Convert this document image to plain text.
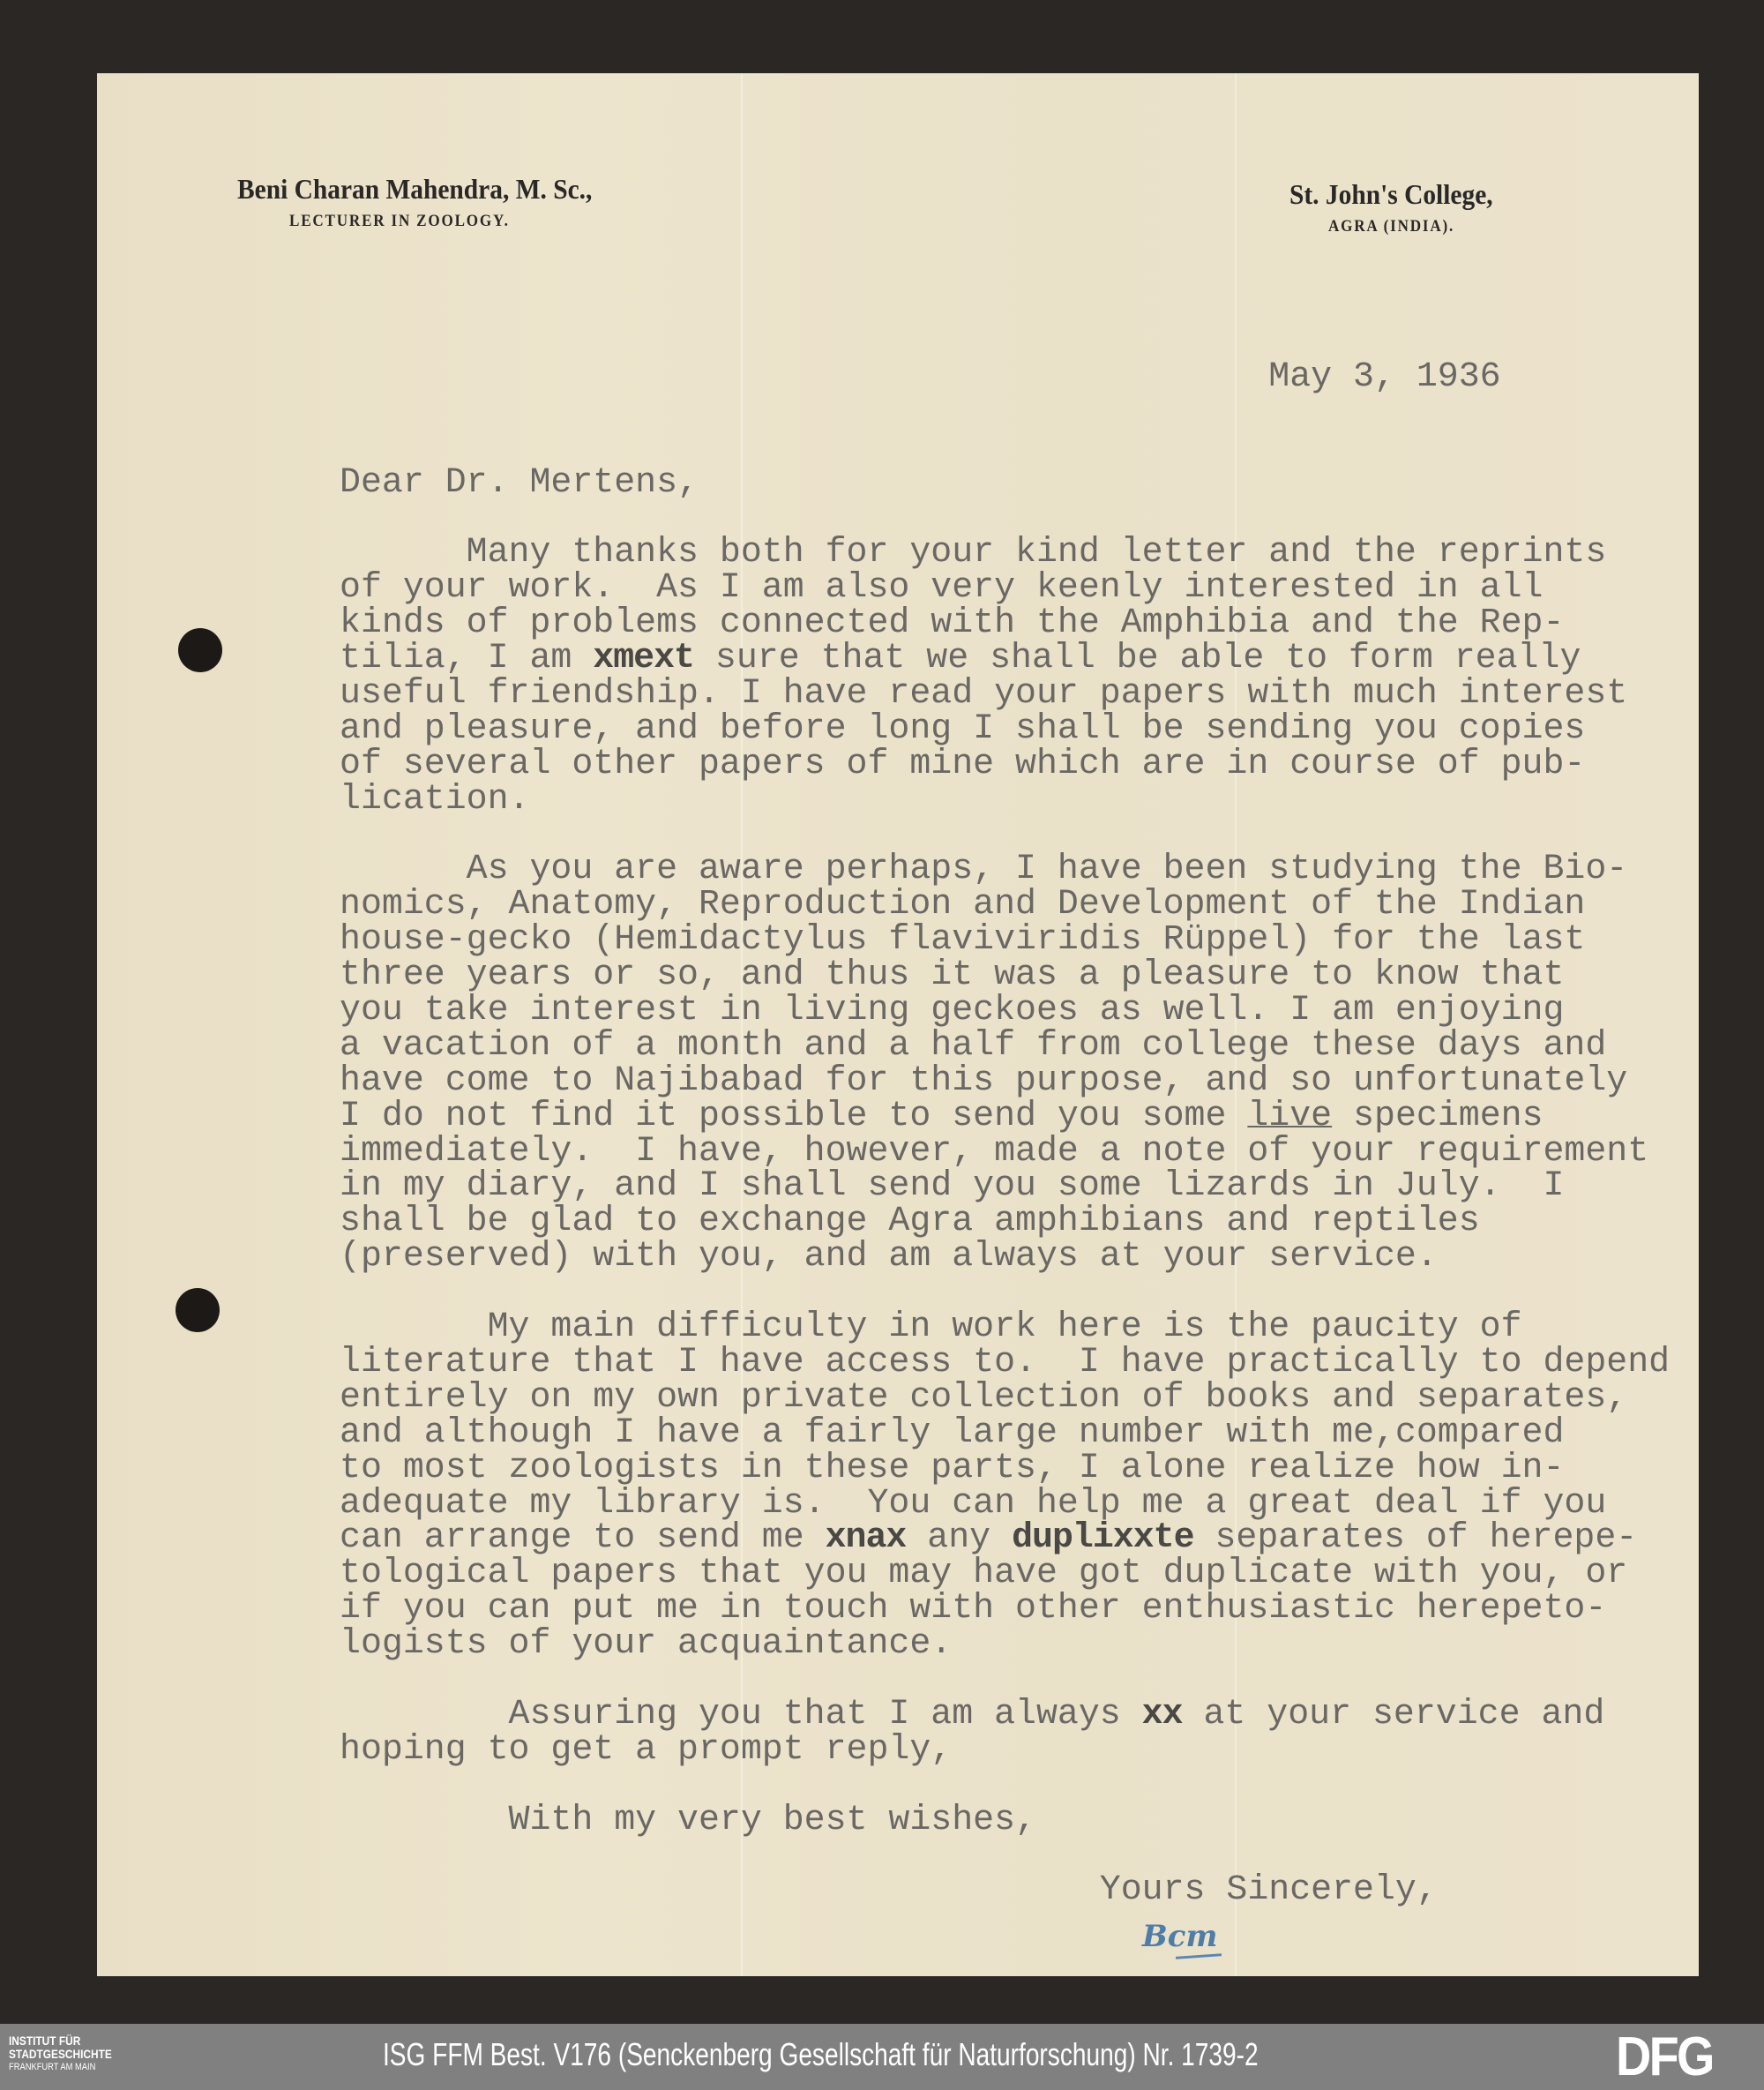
Beni Charan Mahendra, M. Sc.,
LECTURER IN ZOOLOGY.
St. John's College,
AGRA (INDIA).
May 3, 1936
Dear Dr. Mertens,
Many thanks both for your kind letter and the reprints
of your work.  As I am also very keenly interested in all
kinds of problems connected with the Amphibia and the Rep-
tilia, I am xmext sure that we shall be able to form really
useful friendship. I have read your papers with much interest
and pleasure, and before long I shall be sending you copies
of several other papers of mine which are in course of pub-
lication.
As you are aware perhaps, I have been studying the Bio-
nomics, Anatomy, Reproduction and Development of the Indian
house-gecko (Hemidactylus flaviviridis Rüppel) for the last
three years or so, and thus it was a pleasure to know that
you take interest in living geckoes as well. I am enjoying
a vacation of a month and a half from college these days and
have come to Najibabad for this purpose, and so unfortunately
I do not find it possible to send you some live specimens
immediately.  I have, however, made a note of your requirement
in my diary, and I shall send you some lizards in July.  I
shall be glad to exchange Agra amphibians and reptiles
(preserved) with you, and am always at your service.
My main difficulty in work here is the paucity of
literature that I have access to.  I have practically to depend
entirely on my own private collection of books and separates,
and although I have a fairly large number with me,compared
to most zoologists in these parts, I alone realize how in-
adequate my library is.  You can help me a great deal if you
can arrange to send me xnax any duplixxte separates of herepe-
tological papers that you may have got duplicate with you, or
if you can put me in touch with other enthusiastic herepeto-
logists of your acquaintance.
Assuring you that I am always xx at your service and
hoping to get a prompt reply,
With my very best wishes,
Yours Sincerely,
Bcm
INSTITUT FÜR
STADTGESCHICHTE
FRANKFURT AM MAIN	ISG FFM Best. V176 (Senckenberg Gesellschaft für Naturforschung) Nr. 1739-2	DFG
